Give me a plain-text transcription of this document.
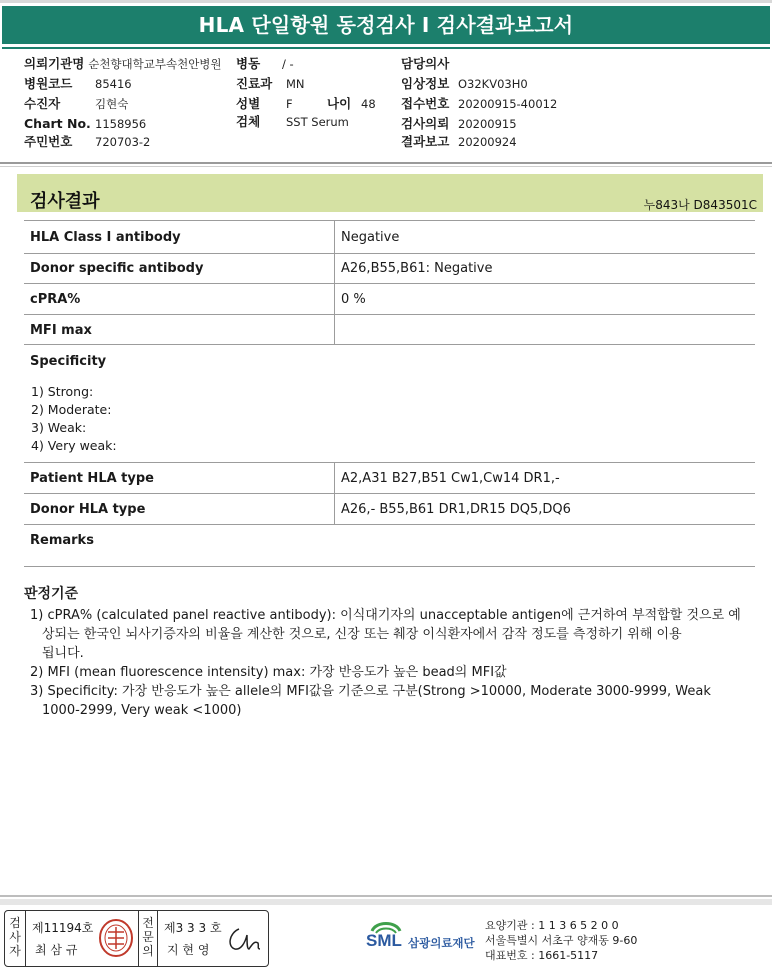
HLA 단일항원 동정검사 I 검사결과보고서
의뢰기관명 순천향대학교부속천안병원 병동 / -	담당의사
병원코드 85416	진료과 MN	임상정보 O32KV03H0
수진자	김현숙	성별 F	나이 48 접수번호 20200915-40012
Chart No. 1158956	검체 SST Serum	검사의뢰 20200915
주민번호 720703-2	결과보고 20200924
검사결과	누843나 D843501C
HLA Class Ⅰ antibody	Negative
Donor specific antibody	A26,B55,B61: Negative
cPRA%	0 %
MFI max
Specificity
1) Strong:
2) Moderate:
3) Weak:
4) Very weak:
Patient HLA type	A2,A31 B27,B51 Cw1,Cw14 DR1,-
Donor HLA type	A26,- B55,B61 DR1,DR15 DQ5,DQ6
Remarks
판정기준
1) cPRA% (calculated panel reactive antibody): 이식대기자의 unacceptable antigen에 근거하여 부적합할 것으로 예
상되는 한국인 뇌사기증자의 비율을 계산한 것으로, 신장 또는 췌장 이식환자에서 감작 정도를 측정하기 위해 이용
됩니다.
2) MFI (mean fluorescence intensity) max: 가장 반응도가 높은 bead의 MFI값
3) Specificity: 가장 반응도가 높은 allele의 MFI값을 기준으로 구분(Strong >10000, Moderate 3000-9999, Weak
1000-2999, Very weak <1000)
검사자
제11194호
최 삼 규
전문의
제3 3 3 호
지 현 영	SML 삼광의료재단
요양기관 : 1 1 3 6 5 2 0 0
서울특별시 서초구 양재동 9-60
대표번호 : 1661-5117
